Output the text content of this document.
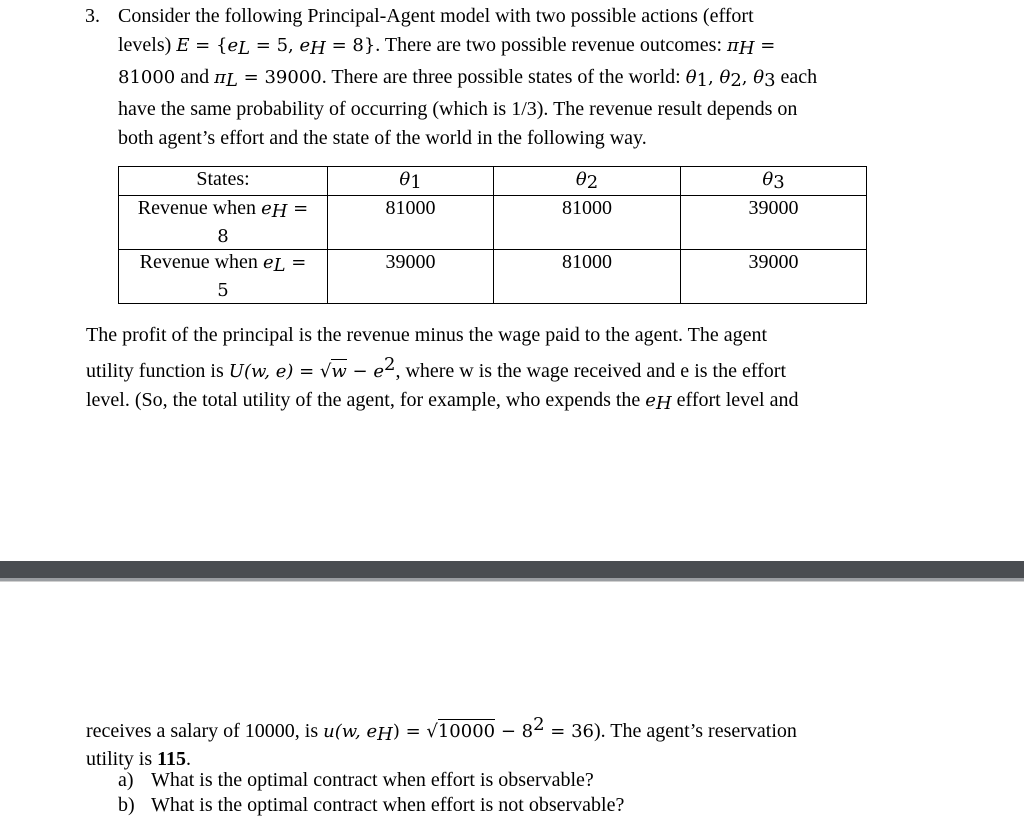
3. Consider the following Principal-Agent model with two possible actions (effort
levels) $E = \{e_L = 5$, $e_H = 8$}. There are two possible revenue outcomes: $\pi_H$ =
81000 and $\pi_L = 39000$. There are three possible states of the world: $\theta_1$, $\theta_2$, $\theta_3$ each
have the same probability of occurring (which is 1/3). The revenue result depends on
both agent’s effort and the state of the world in the following way.
States:	$\theta_1$	$\theta_2$	$\theta_3$
Revenue when $e_H$ =
8	81000	81000	39000
Revenue when $e_L$ =
5	39000	81000	39000
The profit of the principal is the revenue minus the wage paid to the agent. The agent
utility function is U(w, $e) = √w - e^2$, where w is the wage received and e is the effort
level. (So, the total utility of the agent, for example, who expends the $e_H$ effort level and
receives a salary of 10000, is u(w, $e_H) = √10000 - 8^2 = 36$). The agent’s reservation
utility is 115.
a) What is the optimal contract when effort is observable?
b) What is the optimal contract when effort is not observable?
